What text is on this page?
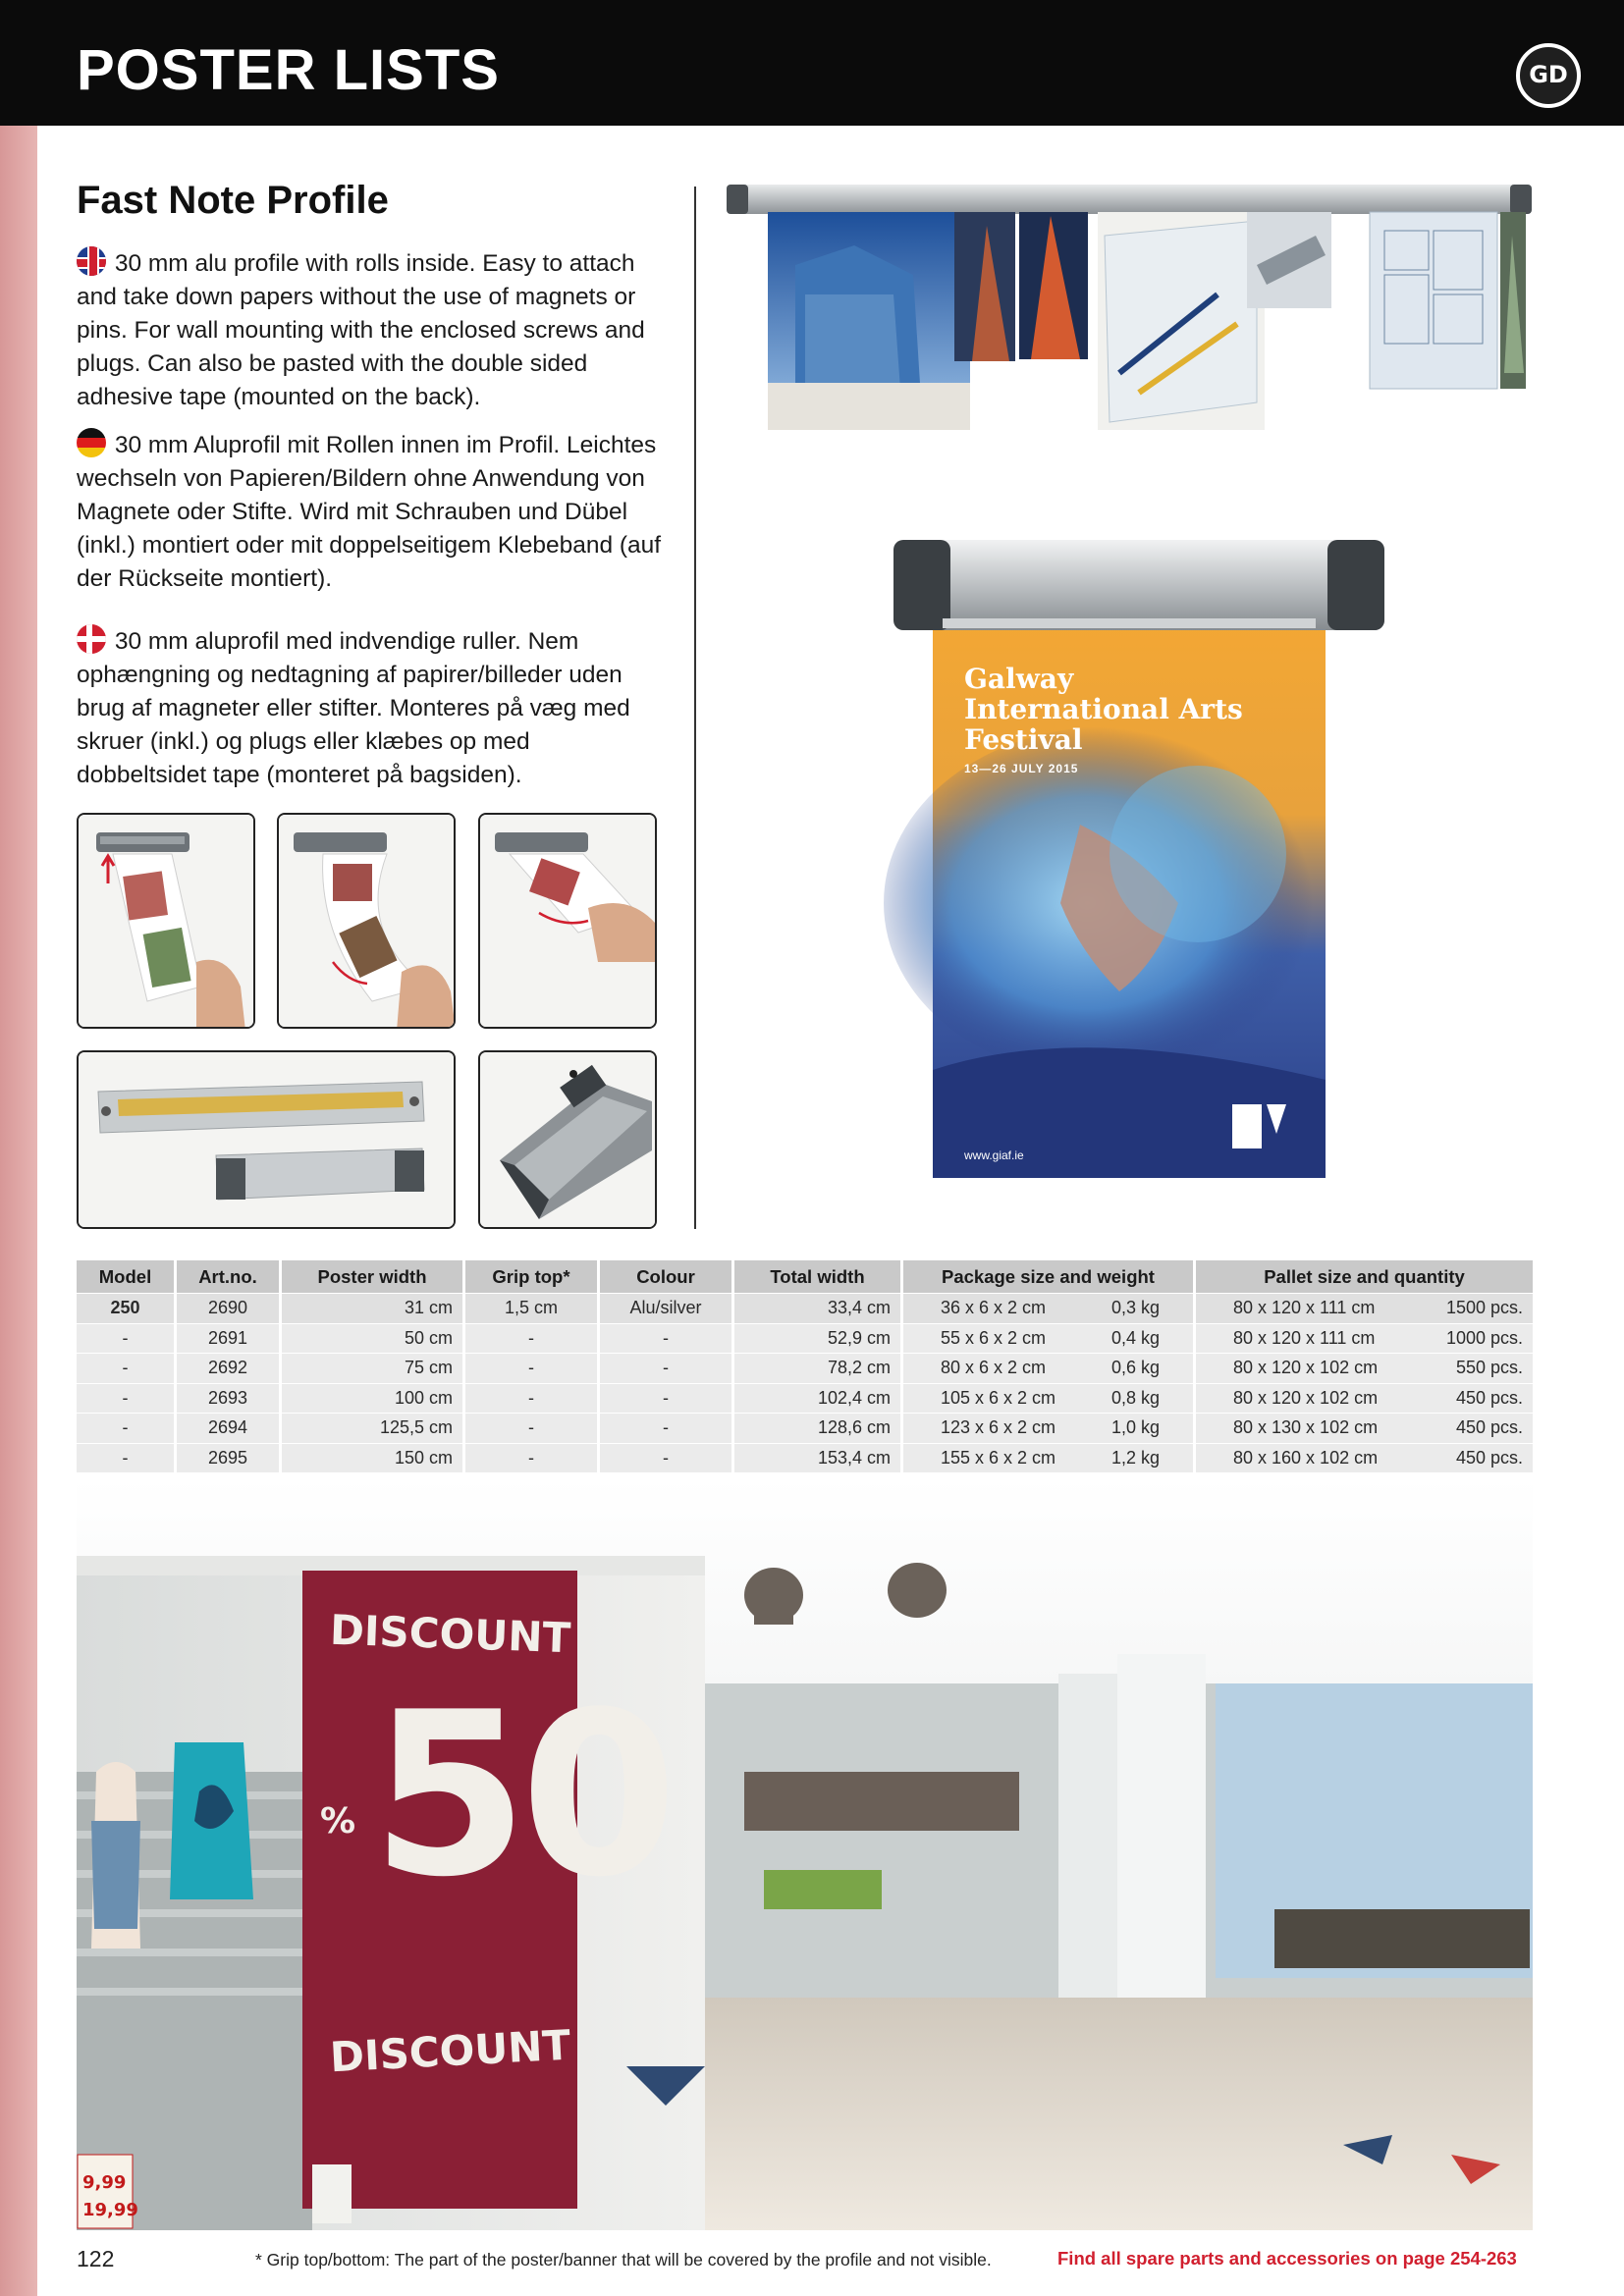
POSTER LISTS	GD
Fast Note Profile

30 mm alu profile with rolls inside. Easy to attach and take down papers without the use of magnets or pins. For wall mounting with the enclosed screws and plugs. Can also be pasted with the double sided adhesive tape (mounted on the back).

30 mm Aluprofil mit Rollen innen im Profil. Leichtes wechseln von Papieren/Bildern ohne Anwendung von Magnete oder Stifte. Wird mit Schrauben und Dübel (inkl.) montiert oder mit doppelseitigem Klebeband (auf der Rückseite montiert).

30 mm aluprofil med indvendige ruller. Nem ophængning og nedtagning af papirer/billeder uden brug af magneter eller stifter. Monteres på væg med skruer (inkl.) og plugs eller klæbes op med dobbeltsidet tape (monteret på bagsiden).

Galway International Arts Festival
13—26 JULY 2015
www.giaf.ie
Model	Art.no.	Poster width	Grip top*	Colour	Total width	Package size and weight	Pallet size and quantity
250	2690	31 cm	1,5 cm	Alu/silver	33,4 cm	36 x 6 x 2 cm 0,3 kg	80 x 120 x 111 cm 1500 pcs.

-	2691	50 cm	-	-	52,9 cm	55 x 6 x 2 cm 0,4 kg	80 x 120 x 111 cm 1000 pcs.

-	2692	75 cm	-	-	78,2 cm	80 x 6 x 2 cm 0,6 kg	80 x 120 x 102 cm 550 pcs.

-	2693	100 cm	-	-	102,4 cm	105 x 6 x 2 cm 0,8 kg	80 x 120 x 102 cm 450 pcs.

-	2694	125,5 cm	-	-	128,6 cm	123 x 6 x 2 cm 1,0 kg	80 x 130 x 102 cm 450 pcs.

-	2695	150 cm	-	-	153,4 cm	155 x 6 x 2 cm 1,2 kg	80 x 160 x 102 cm 450 pcs.
DISCOUNT
50
%
DISCOUNT
9,99
19,99
122	* Grip top/bottom: The part of the poster/banner that will be covered by the profile and not visible.	Find all spare parts and accessories on page 254-263
